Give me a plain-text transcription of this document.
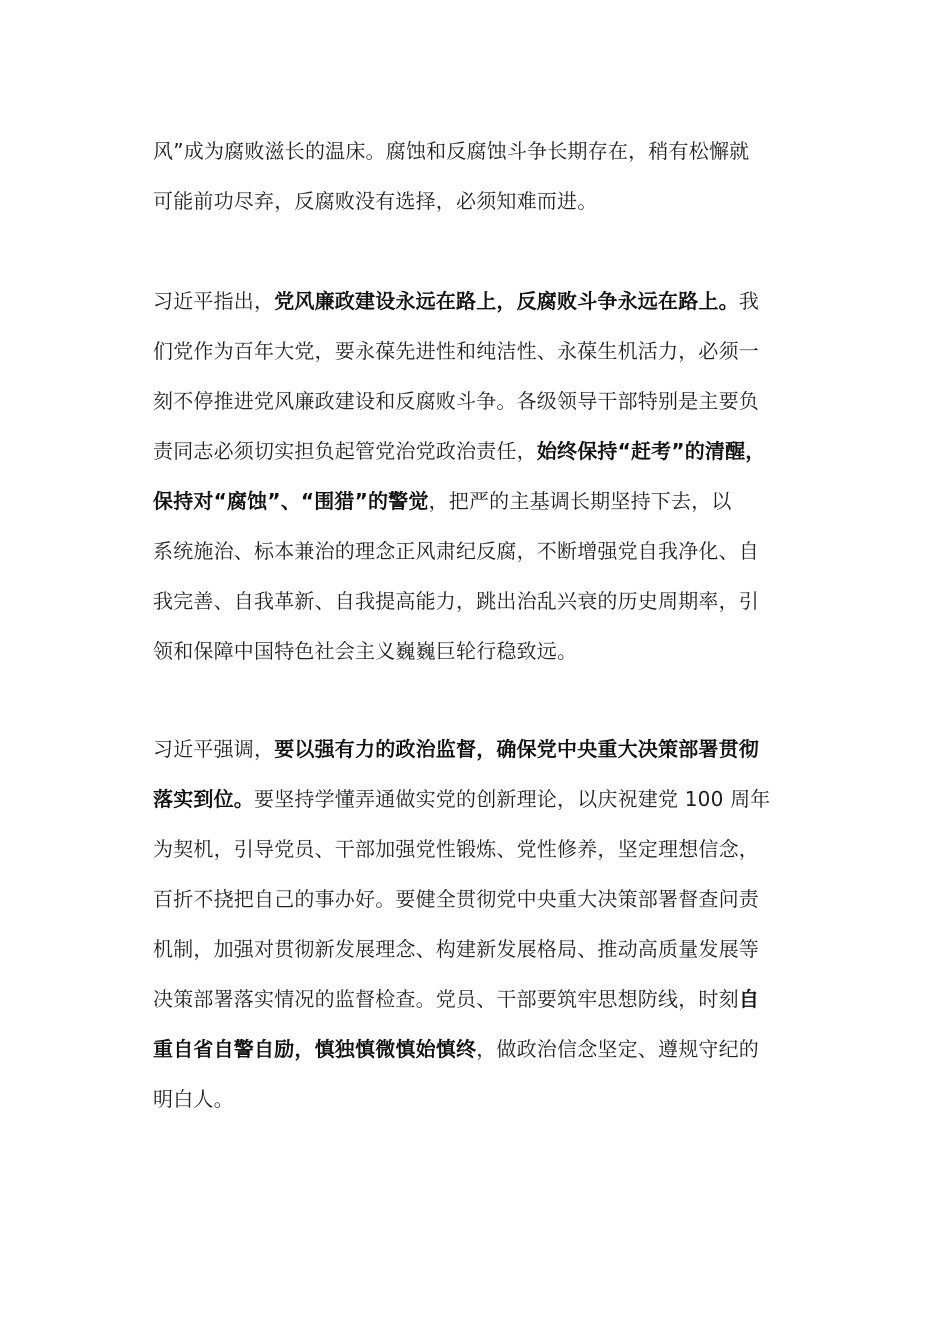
风”成为腐败滋长的温床。腐蚀和反腐蚀斗争长期存在，稍有松懈就
可能前功尽弃，反腐败没有选择，必须知难而进。
习近平指出，党风廉政建设永远在路上，反腐败斗争永远在路上。我
们党作为百年大党，要永葆先进性和纯洁性、永葆生机活力，必须一
刻不停推进党风廉政建设和反腐败斗争。各级领导干部特别是主要负
责同志必须切实担负起管党治党政治责任，始终保持“赶考”的清醒，
保持对“腐蚀”、“围猎”的警觉，把严的主基调长期坚持下去，以
系统施治、标本兼治的理念正风肃纪反腐，不断增强党自我净化、自
我完善、自我革新、自我提高能力，跳出治乱兴衰的历史周期率，引
领和保障中国特色社会主义巍巍巨轮行稳致远。
习近平强调，要以强有力的政治监督，确保党中央重大决策部署贯彻
落实到位。要坚持学懂弄通做实党的创新理论，以庆祝建党 100 周年
为契机，引导党员、干部加强党性锻炼、党性修养，坚定理想信念，
百折不挠把自己的事办好。要健全贯彻党中央重大决策部署督查问责
机制，加强对贯彻新发展理念、构建新发展格局、推动高质量发展等
决策部署落实情况的监督检查。党员、干部要筑牢思想防线，时刻自
重自省自警自励，慎独慎微慎始慎终，做政治信念坚定、遵规守纪的
明白人。
